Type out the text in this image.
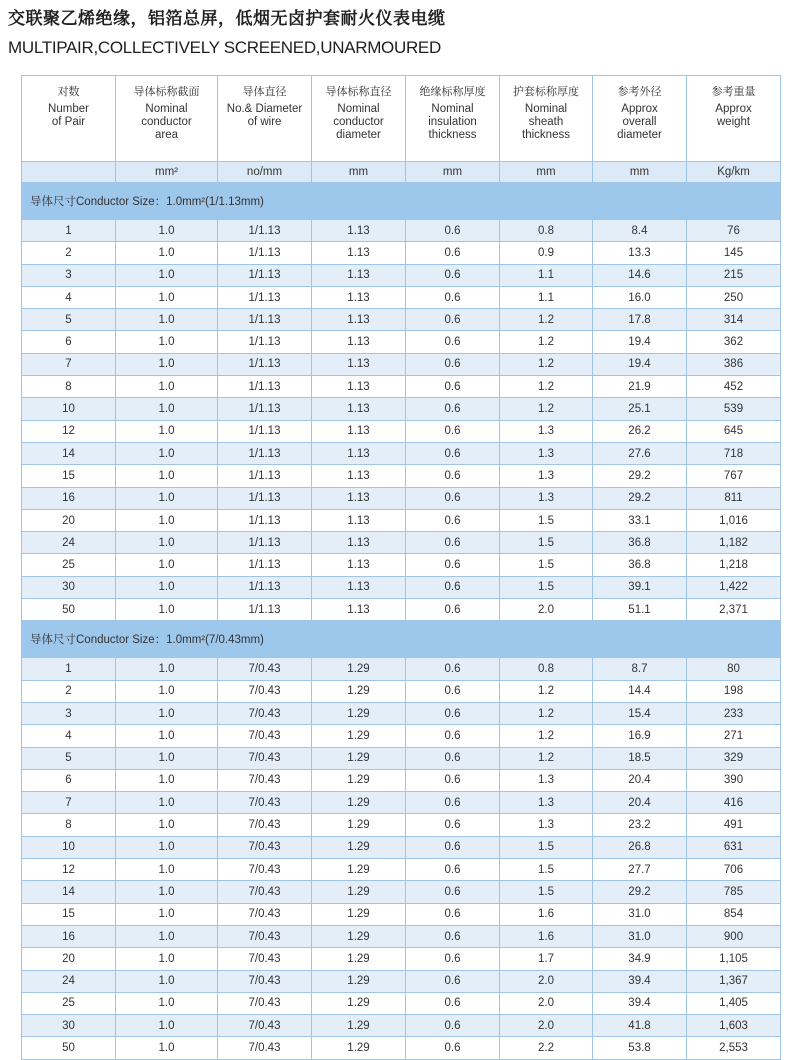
交联聚乙烯绝缘，铝箔总屏，低烟无卤护套耐火仪表电缆
MULTIPAIR,COLLECTIVELY SCREENED,UNARMOURED
对数
Number
of Pair	导体标称截面
Nominal
conductor
area	导体直径
No.& Diameter
of wire	导体标称直径
Nominal
conductor
diameter	绝缘标称厚度
Nominal
insulation
thickness	护套标称厚度
Nominal
sheath
thickness	参考外径
Approx
overall
diameter	参考重量
Approx
weight

	mm²	no/mm	mm	mm	mm	mm	Kg/km
导体尺寸Conductor Size：1.0mm²(1/1.13mm)							
1	1.0	1/1.13	1.13	0.6	0.8	8.4	76
2	1.0	1/1.13	1.13	0.6	0.9	13.3	145
3	1.0	1/1.13	1.13	0.6	1.1	14.6	215
4	1.0	1/1.13	1.13	0.6	1.1	16.0	250
5	1.0	1/1.13	1.13	0.6	1.2	17.8	314
6	1.0	1/1.13	1.13	0.6	1.2	19.4	362
7	1.0	1/1.13	1.13	0.6	1.2	19.4	386
8	1.0	1/1.13	1.13	0.6	1.2	21.9	452
10	1.0	1/1.13	1.13	0.6	1.2	25.1	539
12	1.0	1/1.13	1.13	0.6	1.3	26.2	645
14	1.0	1/1.13	1.13	0.6	1.3	27.6	718
15	1.0	1/1.13	1.13	0.6	1.3	29.2	767
16	1.0	1/1.13	1.13	0.6	1.3	29.2	811
20	1.0	1/1.13	1.13	0.6	1.5	33.1	1,016
24	1.0	1/1.13	1.13	0.6	1.5	36.8	1,182
25	1.0	1/1.13	1.13	0.6	1.5	36.8	1,218
30	1.0	1/1.13	1.13	0.6	1.5	39.1	1,422
50	1.0	1/1.13	1.13	0.6	2.0	51.1	2,371
导体尺寸Conductor Size：1.0mm²(7/0.43mm)							
1	1.0	7/0.43	1.29	0.6	0.8	8.7	80
2	1.0	7/0.43	1.29	0.6	1.2	14.4	198
3	1.0	7/0.43	1.29	0.6	1.2	15.4	233
4	1.0	7/0.43	1.29	0.6	1.2	16.9	271
5	1.0	7/0.43	1.29	0.6	1.2	18.5	329
6	1.0	7/0.43	1.29	0.6	1.3	20.4	390
7	1.0	7/0.43	1.29	0.6	1.3	20.4	416
8	1.0	7/0.43	1.29	0.6	1.3	23.2	491
10	1.0	7/0.43	1.29	0.6	1.5	26.8	631
12	1.0	7/0.43	1.29	0.6	1.5	27.7	706
14	1.0	7/0.43	1.29	0.6	1.5	29.2	785
15	1.0	7/0.43	1.29	0.6	1.6	31.0	854
16	1.0	7/0.43	1.29	0.6	1.6	31.0	900
20	1.0	7/0.43	1.29	0.6	1.7	34.9	1,105
24	1.0	7/0.43	1.29	0.6	2.0	39.4	1,367
25	1.0	7/0.43	1.29	0.6	2.0	39.4	1,405
30	1.0	7/0.43	1.29	0.6	2.0	41.8	1,603
50	1.0	7/0.43	1.29	0.6	2.2	53.8	2,553
